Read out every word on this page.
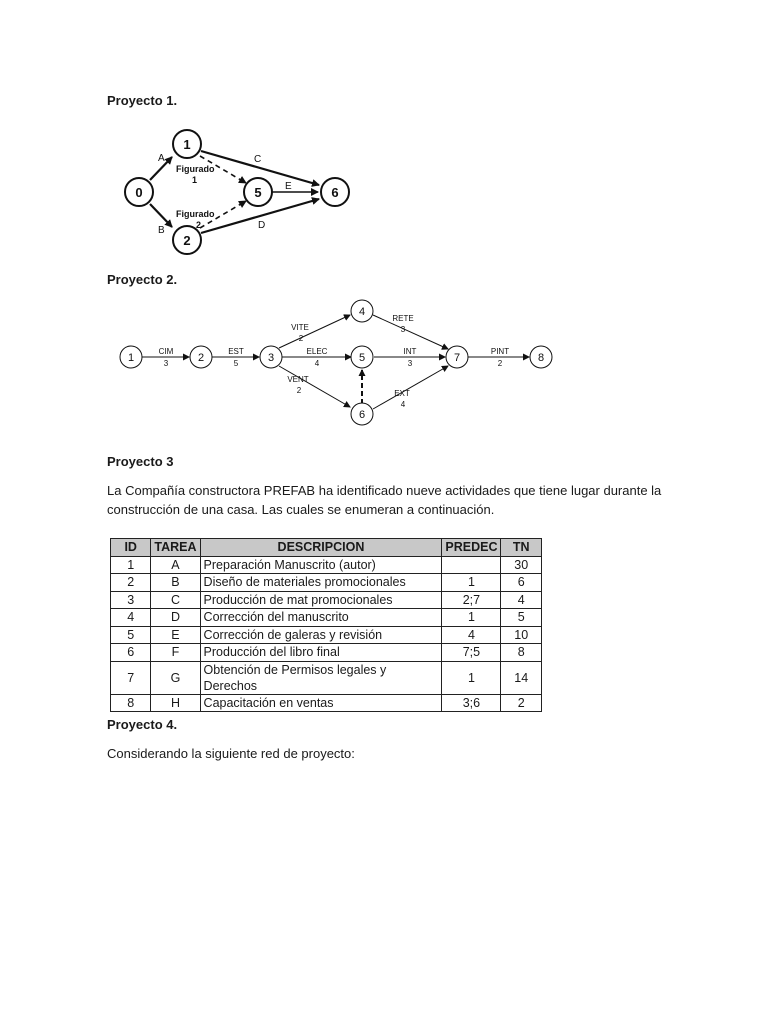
Proyecto 1.

0
1
2
5	6
A
B
C
D
E
Figurado
1
Figurado
2

Proyecto 2.

1	2	3
4
5
6
7	8
CIM
3
EST
5
VITE
2
ELEC
4
VENT
2
RETE
3
INT
3
EXT
4
PINT
2

Proyecto 3

La Compañía constructora PREFAB ha identificado nueve actividades que tiene lugar durante la construcción de una casa. Las cuales se enumeran a continuación.

ID	TAREA	DESCRIPCION	PREDEC	TN
1	A	Preparación Manuscrito (autor)		30
2	B	Diseño de materiales promocionales	1	6
3	C	Producción de mat promocionales	2;7	4
4	D	Corrección del manuscrito	1	5
5	E	Corrección de galeras y revisión	4	10
6	F	Producción del libro final	7;5	8
7	G	Obtención de Permisos legales y Derechos	1	14
8	H	Capacitación en ventas	3;6	2

Proyecto 4.

Considerando la siguiente red de proyecto:
